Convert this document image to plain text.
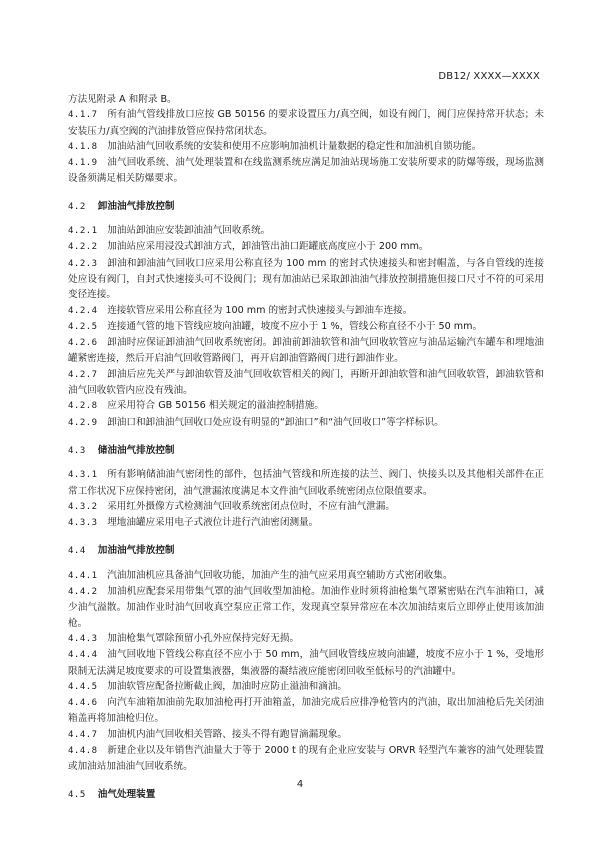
DB12/ XXXX—XXXX

方法见附录 A 和附录 B。

4.1.7  所有油气管线排放口应按 GB 50156 的要求设置压力/真空阀，如设有阀门，阀门应保持常开状态；未安装压力/真空阀的汽油排放管应保持常闭状态。

4.1.8  加油站油气回收系统的安装和使用不应影响加油机计量数据的稳定性和加油机自锁功能。

4.1.9  油气回收系统、油气处理装置和在线监测系统应满足加油站现场施工安装所要求的防爆等级，现场监测设备须满足相关防爆要求。

4.2 卸油油气排放控制

4.2.1  加油站卸油应安装卸油油气回收系统。

4.2.2  加油站应采用浸没式卸油方式，卸油管出油口距罐底高度应小于 200 mm。

4.2.3  卸油和卸油油气回收口应采用公称直径为 100 mm 的密封式快速接头和密封帽盖，与各自管线的连接处应设有阀门，自封式快速接头可不设阀门；现有加油站已采取卸油油气排放控制措施但接口尺寸不符的可采用变径连接。

4.2.4  连接软管应采用公称直径为 100 mm 的密封式快速接头与卸油车连接。

4.2.5  连接通气管的地下管线应坡向油罐，坡度不应小于 1 %，管线公称直径不小于 50 mm。

4.2.6  卸油时应保证卸油油气回收系统密闭。卸油前卸油软管和油气回收软管应与油品运输汽车罐车和埋地油罐紧密连接，然后开启油气回收管路阀门，再开启卸油管路阀门进行卸油作业。

4.2.7  卸油后应先关严与卸油软管及油气回收软管相关的阀门，再断开卸油软管和油气回收软管，卸油软管和油气回收软管内应没有残油。

4.2.8  应采用符合 GB 50156 相关规定的溢油控制措施。

4.2.9  卸油口和卸油油气回收口处应设有明显的“卸油口”和“油气回收口”等字样标识。

4.3 储油油气排放控制

4.3.1  所有影响储油油气密闭性的部件，包括油气管线和所连接的法兰、阀门、快接头以及其他相关部件在正常工作状况下应保持密闭，油气泄漏浓度满足本文件油气回收系统密闭点位限值要求。

4.3.2  采用红外摄像方式检测油气回收系统密闭点位时，不应有油气泄漏。

4.3.3  埋地油罐应采用电子式液位计进行汽油密闭测量。

4.4 加油油气排放控制

4.4.1  汽油加油机应具备油气回收功能，加油产生的油气应采用真空辅助方式密闭收集。

4.4.2  加油机应配套采用带集气罩的油气回收型加油枪。加油作业时须将油枪集气罩紧密贴在汽车油箱口，减少油气溢散。加油作业时油气回收真空泵应正常工作，发现真空泵异常应在本次加油结束后立即停止使用该加油枪。

4.4.3  加油枪集气罩除预留小孔外应保持完好无损。

4.4.4  油气回收地下管线公称直径不应小于 50 mm，油气回收管线应坡向油罐，坡度不应小于 1 %，受地形限制无法满足坡度要求的可设置集液器，集液器的凝结液应能密闭回收至低标号的汽油罐中。

4.4.5  加油软管应配备拉断截止阀，加油时应防止溢油和滴油。

4.4.6  向汽车油箱加油前先取加油枪再打开油箱盖，加油完成后应排净枪管内的汽油，取出加油枪后先关闭油箱盖再将加油枪归位。

4.4.7  加油机内油气回收相关管路、接头不得有跑冒滴漏现象。

4.4.8  新建企业以及年销售汽油量大于等于 2000 t 的现有企业应安装与 ORVR 轻型汽车兼容的油气处理装置或加油站加油油气回收系统。

4.5 油气处理装置
4
